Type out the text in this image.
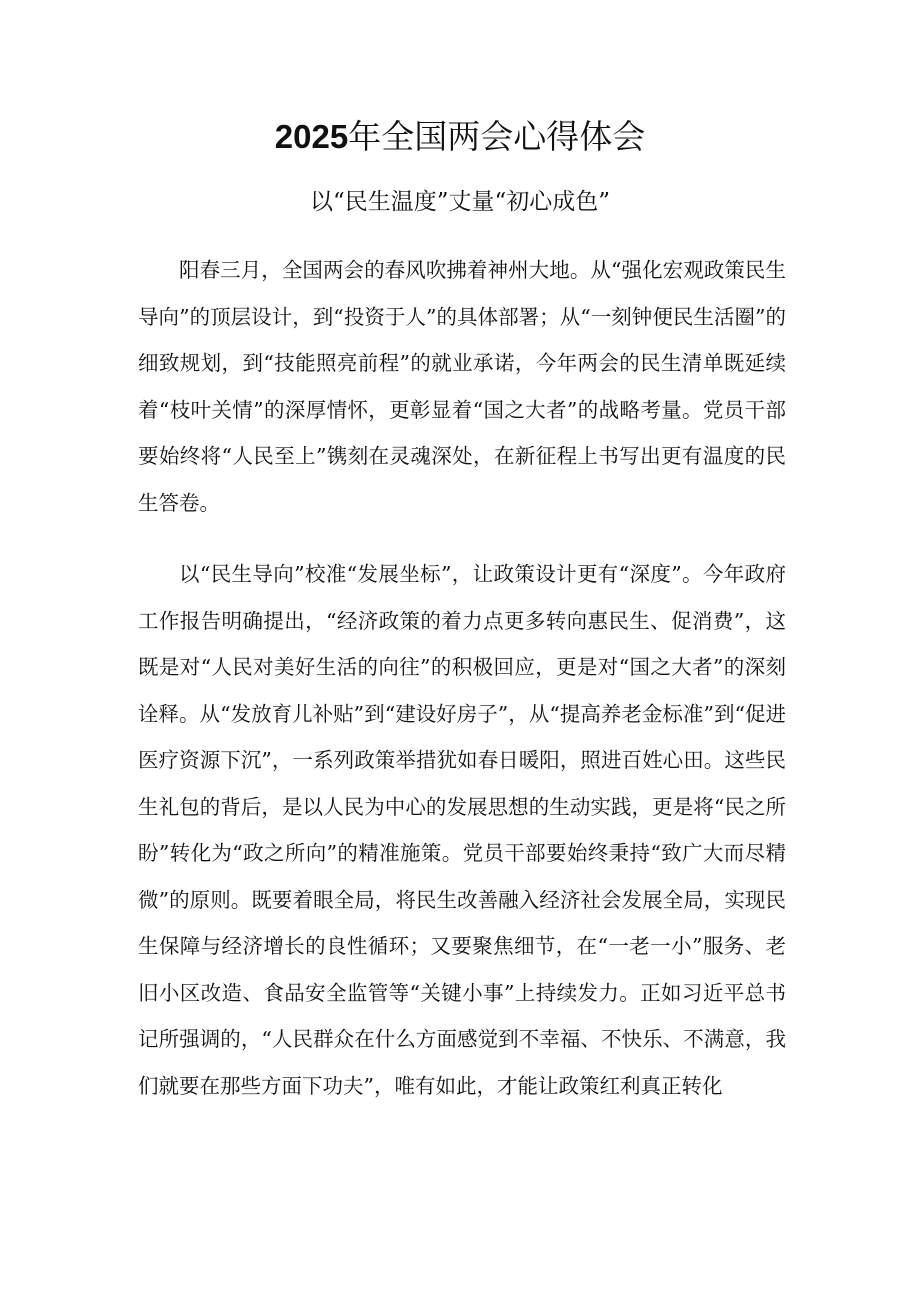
2025年全国两会心得体会
以“民生温度”丈量“初心成色”

阳春三月，全国两会的春风吹拂着神州大地。从“强化宏观政策民生导向”的顶层设计，到“投资于人”的具体部署；从“一刻钟便民生活圈”的细致规划，到“技能照亮前程”的就业承诺，今年两会的民生清单既延续着“枝叶关情”的深厚情怀，更彰显着“国之大者”的战略考量。党员干部要始终将“人民至上”镌刻在灵魂深处，在新征程上书写出更有温度的民生答卷。

以“民生导向”校准“发展坐标”，让政策设计更有“深度”。今年政府工作报告明确提出，“经济政策的着力点更多转向惠民生、促消费”，这既是对“人民对美好生活的向往”的积极回应，更是对“国之大者”的深刻诠释。从“发放育儿补贴”到“建设好房子”，从“提高养老金标准”到“促进医疗资源下沉”，一系列政策举措犹如春日暖阳，照进百姓心田。这些民生礼包的背后，是以人民为中心的发展思想的生动实践，更是将“民之所盼”转化为“政之所向”的精准施策。党员干部要始终秉持“致广大而尽精微”的原则。既要着眼全局，将民生改善融入经济社会发展全局，实现民生保障与经济增长的良性循环；又要聚焦细节，在“一老一小”服务、老旧小区改造、食品安全监管等“关键小事”上持续发力。正如习近平总书记所强调的，“人民群众在什么方面感觉到不幸福、不快乐、不满意，我们就要在那些方面下功夫”，唯有如此，才能让政策红利真正转化
